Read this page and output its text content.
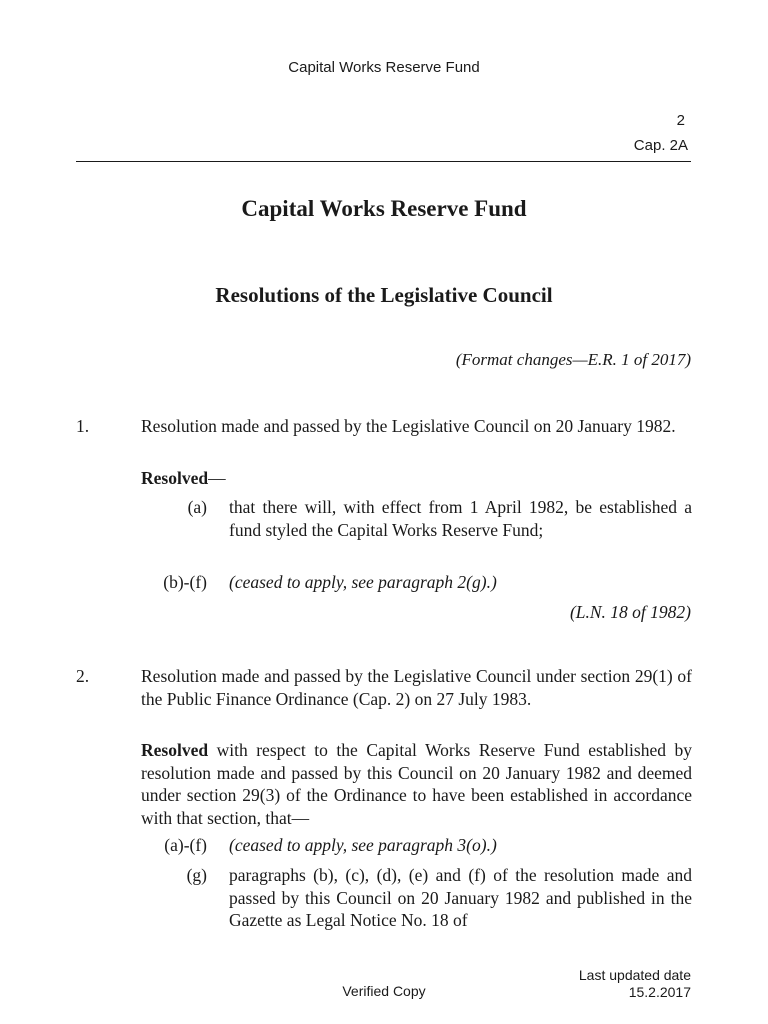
Capital Works Reserve Fund
2
Cap. 2A
Capital Works Reserve Fund
Resolutions of the Legislative Council
(Format changes—E.R. 1 of 2017)
1.	Resolution made and passed by the Legislative Council on 20 January 1982.
Resolved—
(a) that there will, with effect from 1 April 1982, be established a fund styled the Capital Works Reserve Fund;
(b)-(f) (ceased to apply, see paragraph 2(g).)
(L.N. 18 of 1982)
2.	Resolution made and passed by the Legislative Council under section 29(1) of the Public Finance Ordinance (Cap. 2) on 27 July 1983.
Resolved with respect to the Capital Works Reserve Fund established by resolution made and passed by this Council on 20 January 1982 and deemed under section 29(3) of the Ordinance to have been established in accordance with that section, that—
(a)-(f) (ceased to apply, see paragraph 3(o).)
(g) paragraphs (b), (c), (d), (e) and (f) of the resolution made and passed by this Council on 20 January 1982 and published in the Gazette as Legal Notice No. 18 of
Verified Copy
Last updated date
15.2.2017
